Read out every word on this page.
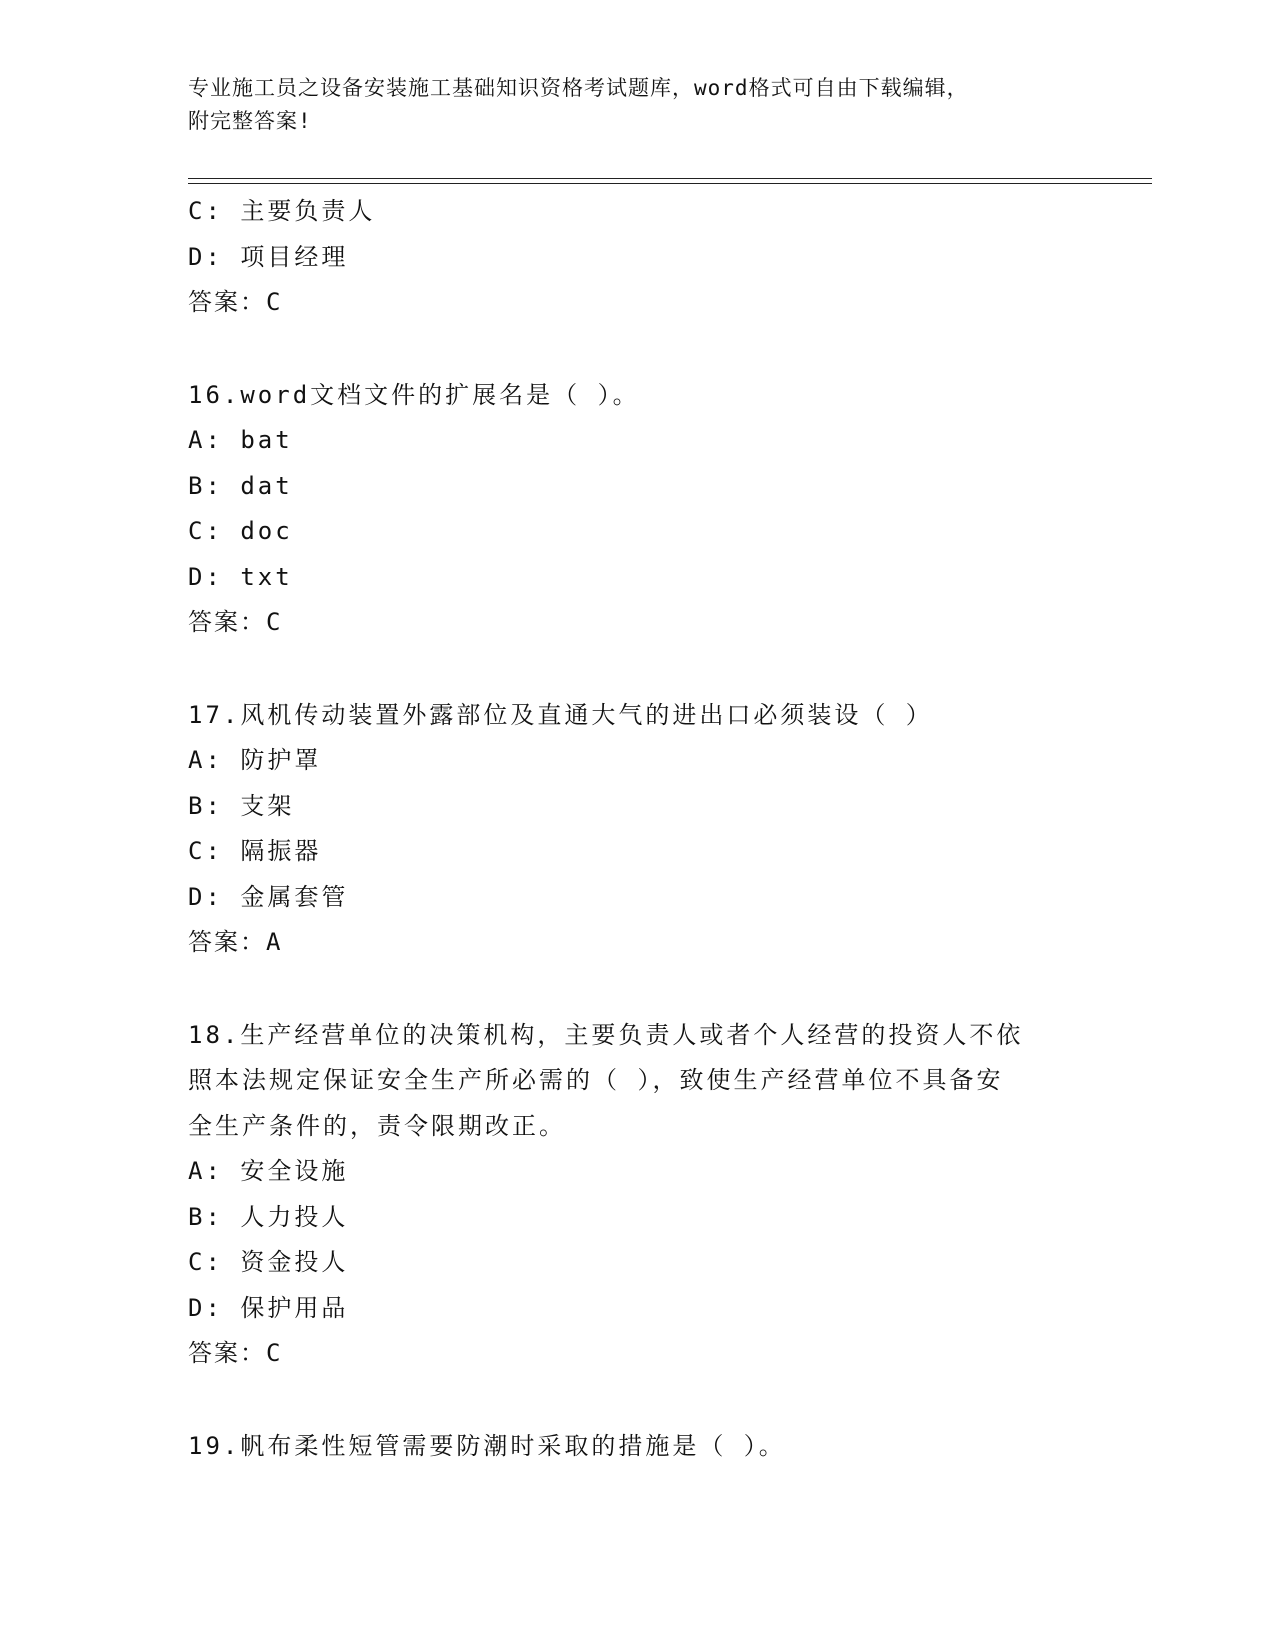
专业施工员之设备安装施工基础知识资格考试题库，word格式可自由下载编辑，
附完整答案!
C: 主要负责人
D: 项目经理
答案：C
16.word文档文件的扩展名是（ ）。
A: bat
B: dat
C: doc
D: txt
答案：C
17.风机传动装置外露部位及直通大气的进出口必须装设（ ）
A: 防护罩
B: 支架
C: 隔振器
D: 金属套管
答案：A
18.生产经营单位的决策机构，主要负责人或者个人经营的投资人不依
照本法规定保证安全生产所必需的（ ），致使生产经营单位不具备安
全生产条件的，责令限期改正。
A: 安全设施
B: 人力投人
C: 资金投人
D: 保护用品
答案：C
19.帆布柔性短管需要防潮时采取的措施是（ ）。
